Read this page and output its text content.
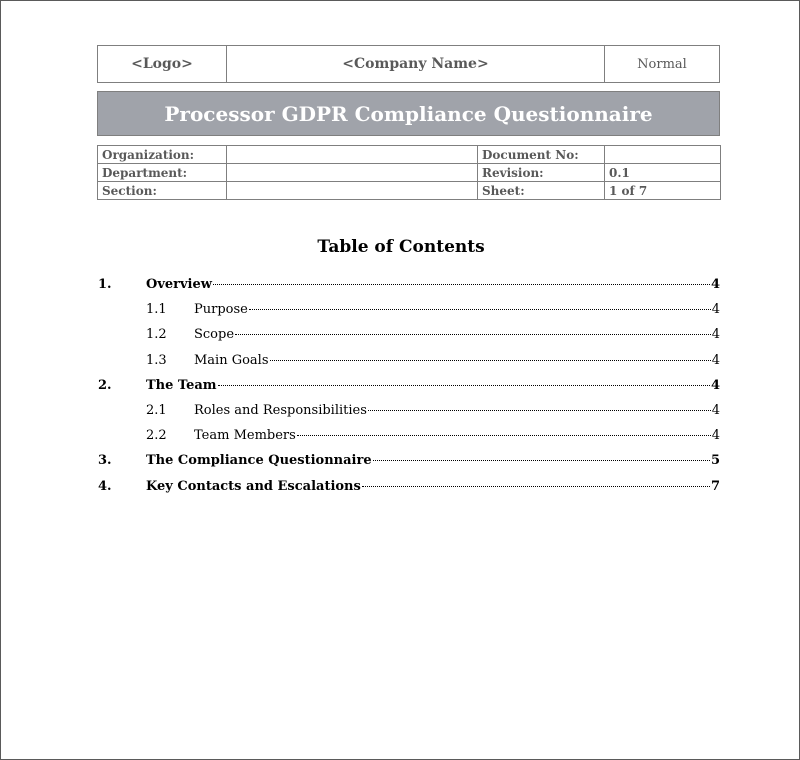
<Logo>	<Company Name>	Normal
Processor GDPR Compliance Questionnaire
Organization:		Document No:	
Department:		Revision:	0.1
Section:		Sheet:	1 of 7
Table of Contents
1.	Overview	4
1.1 Purpose	4
1.2 Scope	4
1.3 Main Goals	4
2.	The Team	4
2.1 Roles and Responsibilities	4
2.2 Team Members	4
3.	The Compliance Questionnaire	5
4.	Key Contacts and Escalations	7
